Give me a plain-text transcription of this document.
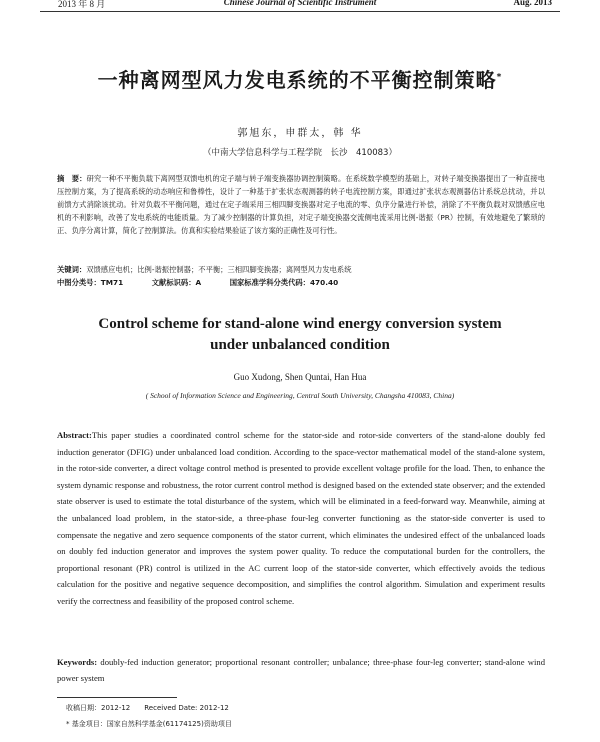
2013 年 8 月	Chinese Journal of Scientific Instrument	Aug. 2013
一种离网型风力发电系统的不平衡控制策略*
郭旭东，申群太，韩 华
（中南大学信息科学与工程学院　长沙　410083）
摘　要：研究一种不平衡负载下离网型双馈电机的定子端与转子端变换器协调控制策略。在系统数学模型的基础上，对转子端变换器提出了一种直接电压控制方案，为了提高系统的动态响应和鲁棒性，设计了一种基于扩张状态观测器的转子电流控制方案，即通过扩张状态观测器估计系统总扰动，并以前馈方式消除该扰动。针对负载不平衡问题，通过在定子端采用三相四脚变换器对定子电流的零、负序分量进行补偿，消除了不平衡负载对双馈感应电机的不利影响，改善了发电系统的电能质量。为了减少控制器的计算负担，对定子端变换器交流侧电流采用比例-谐振（PR）控制，有效地避免了繁琐的正、负序分离计算，简化了控制算法。仿真和实验结果验证了该方案的正确性及可行性。
关键词：双馈感应电机；比例-谐振控制器；不平衡；三相四脚变换器；离网型风力发电系统
中图分类号：TM71	文献标识码：A	国家标准学科分类代码：470.40
Control scheme for stand-alone wind energy conversion system
under unbalanced condition
Guo Xudong, Shen Quntai, Han Hua
( School of Information Science and Engineering, Central South University, Changsha 410083, China)
Abstract:This paper studies a coordinated control scheme for the stator-side and rotor-side converters of the stand-alone doubly fed induction generator (DFIG) under unbalanced load condition. According to the space-vector mathematical model of the stand-alone system, in the rotor-side converter, a direct voltage control method is presented to provide excellent voltage profile for the load. Then, to enhance the system dynamic response and robustness, the rotor current control method is designed based on the extended state observer; and the extended state observer is used to estimate the total disturbance of the system, which will be eliminated in a feed-forward way. Meanwhile, aiming at the unbalanced load problem, in the stator-side, a three-phase four-leg converter functioning as the stator-side converter is used to compensate the negative and zero sequence components of the stator current, which eliminates the undesired effect of the unbalanced loads on doubly fed induction generator and improves the system power quality. To reduce the computational burden for the controllers, the proportional resonant (PR) control is utilized in the AC current loop of the stator-side converter, which effectively avoids the tedious calculation for the positive and negative sequence decomposition, and simplifies the control algorithm. Simulation and experiment results verify the correctness and feasibility of the proposed control scheme.
Keywords: doubly-fed induction generator; proportional resonant controller; unbalance; three-phase four-leg converter; stand-alone wind power system
收稿日期：2012-12 Received Date: 2012-12
* 基金项目：国家自然科学基金(61174125)资助项目
